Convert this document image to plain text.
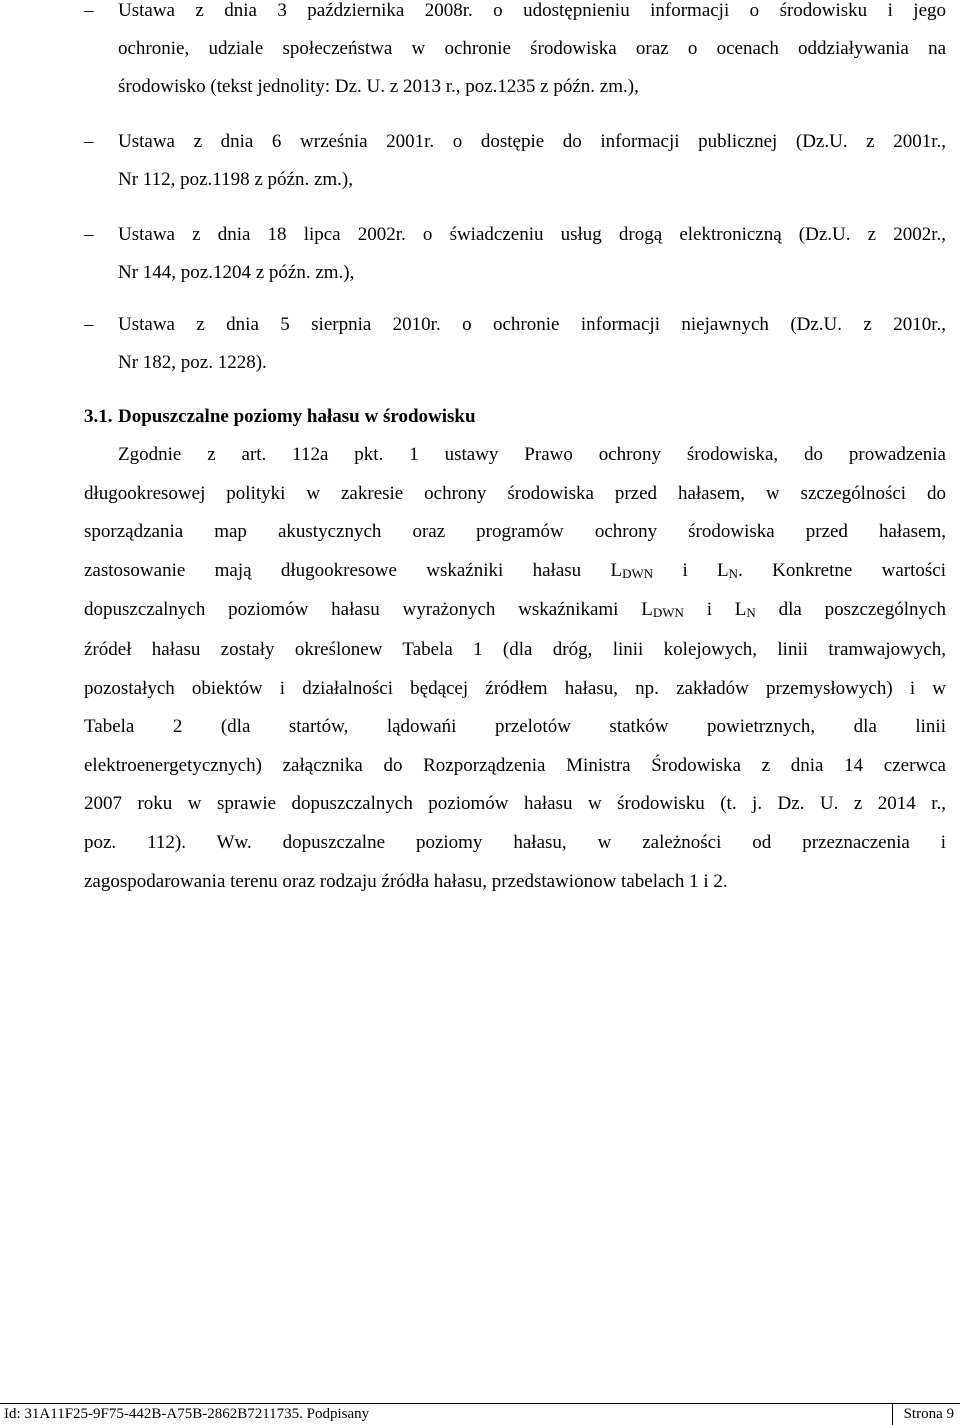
– Ustawa z dnia 3 października 2008r. o udostępnieniu informacji o środowisku i jego
ochronie, udziale społeczeństwa w ochronie środowiska oraz o ocenach oddziaływania na
środowisko (tekst jednolity: Dz. U. z 2013 r., poz.1235 z późn. zm.),
– Ustawa z dnia 6 września 2001r. o dostępie do informacji publicznej (Dz.U. z 2001r.,
Nr 112, poz.1198 z późn. zm.),
– Ustawa z dnia 18 lipca 2002r. o świadczeniu usług drogą elektroniczną (Dz.U. z 2002r.,
Nr 144, poz.1204 z późn. zm.),
– Ustawa z dnia 5 sierpnia 2010r. o ochronie informacji niejawnych (Dz.U. z 2010r.,
Nr 182, poz. 1228).
3.1. Dopuszczalne poziomy hałasu w środowisku
Zgodnie z art. 112a pkt. 1 ustawy Prawo ochrony środowiska, do prowadzenia
długookresowej polityki w zakresie ochrony środowiska przed hałasem, w szczególności do
sporządzania map akustycznych oraz programów ochrony środowiska przed hałasem,
zastosowanie mają długookresowe wskaźniki hałasu $L_{DWN}$ i $L_N$. Konkretne wartości
dopuszczalnych poziomów hałasu wyrażonych wskaźnikami $L_{DWN}$ i $L_N$ dla poszczególnych
źródeł hałasu zostały określonew Tabela 1 (dla dróg, linii kolejowych, linii tramwajowych,
pozostałych obiektów i działalności będącej źródłem hałasu, np. zakładów przemysłowych) i w
Tabela 2 (dla startów, lądowańi przelotów statków powietrznych, dla linii
elektroenergetycznych) załącznika do Rozporządzenia Ministra Środowiska z dnia 14 czerwca
2007 roku w sprawie dopuszczalnych poziomów hałasu w środowisku (t. j. Dz. U. z 2014 r.,
poz. 112). Ww. dopuszczalne poziomy hałasu, w zależności od przeznaczenia i
zagospodarowania terenu oraz rodzaju źródła hałasu, przedstawionow tabelach 1 i 2.
Id: 31A11F25-9F75-442B-A75B-2862B7211735. Podpisany	Strona 9
